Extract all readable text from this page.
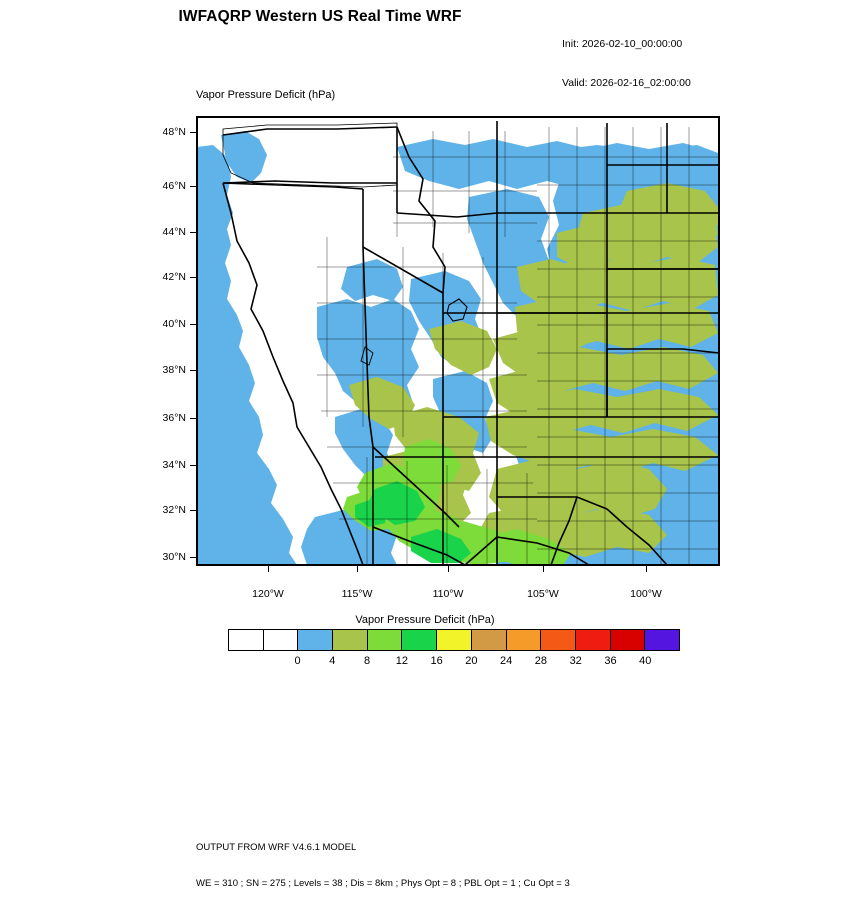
IWFAQRP Western US Real Time WRF

Init: 2026-02-10_00:00:00

Valid: 2026-02-16_02:00:00

Vapor Pressure Deficit (hPa)
48°N
46°N
44°N
42°N
40°N
38°N
36°N
34°N
32°N
30°N
120°W	115°W	110°W	105°W	100°W
Vapor Pressure Deficit (hPa)
0	4	8 12 16 20 24 28 32 36 40

OUTPUT FROM WRF V4.6.1 MODEL

WE = 310 ; SN = 275 ; Levels = 38 ; Dis = 8km ; Phys Opt = 8 ; PBL Opt = 1 ; Cu Opt = 3
